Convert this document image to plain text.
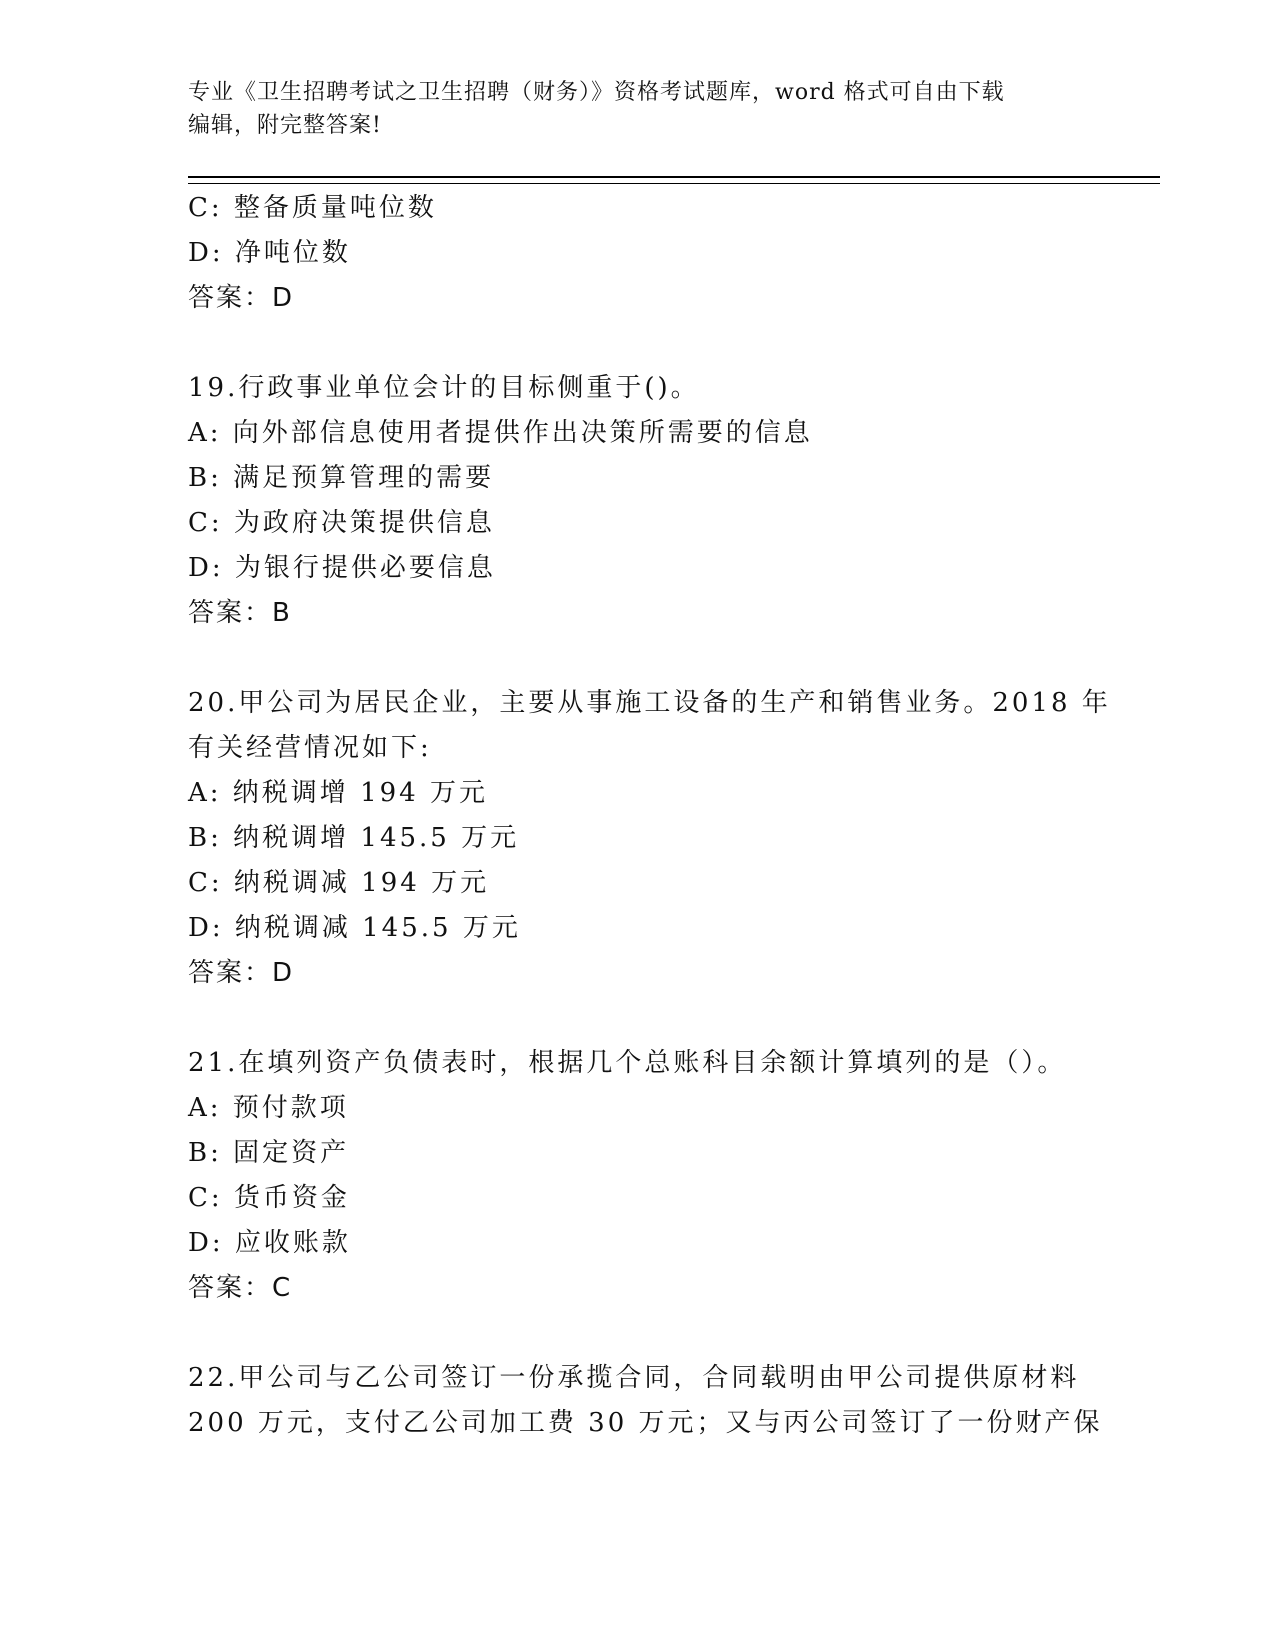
专业《卫生招聘考试之卫生招聘（财务）》资格考试题库，word 格式可自由下载
编辑，附完整答案!
C: 整备质量吨位数
D: 净吨位数
答案：D
19.行政事业单位会计的目标侧重于()。
A: 向外部信息使用者提供作出决策所需要的信息
B: 满足预算管理的需要
C: 为政府决策提供信息
D: 为银行提供必要信息
答案：B
20.甲公司为居民企业，主要从事施工设备的生产和销售业务。2018 年
有关经营情况如下:
A: 纳税调增 194 万元
B: 纳税调增 145.5 万元
C: 纳税调减 194 万元
D: 纳税调减 145.5 万元
答案：D
21.在填列资产负债表时，根据几个总账科目余额计算填列的是（）。
A: 预付款项
B: 固定资产
C: 货币资金
D: 应收账款
答案：C
22.甲公司与乙公司签订一份承揽合同，合同载明由甲公司提供原材料
200 万元，支付乙公司加工费 30 万元；又与丙公司签订了一份财产保
